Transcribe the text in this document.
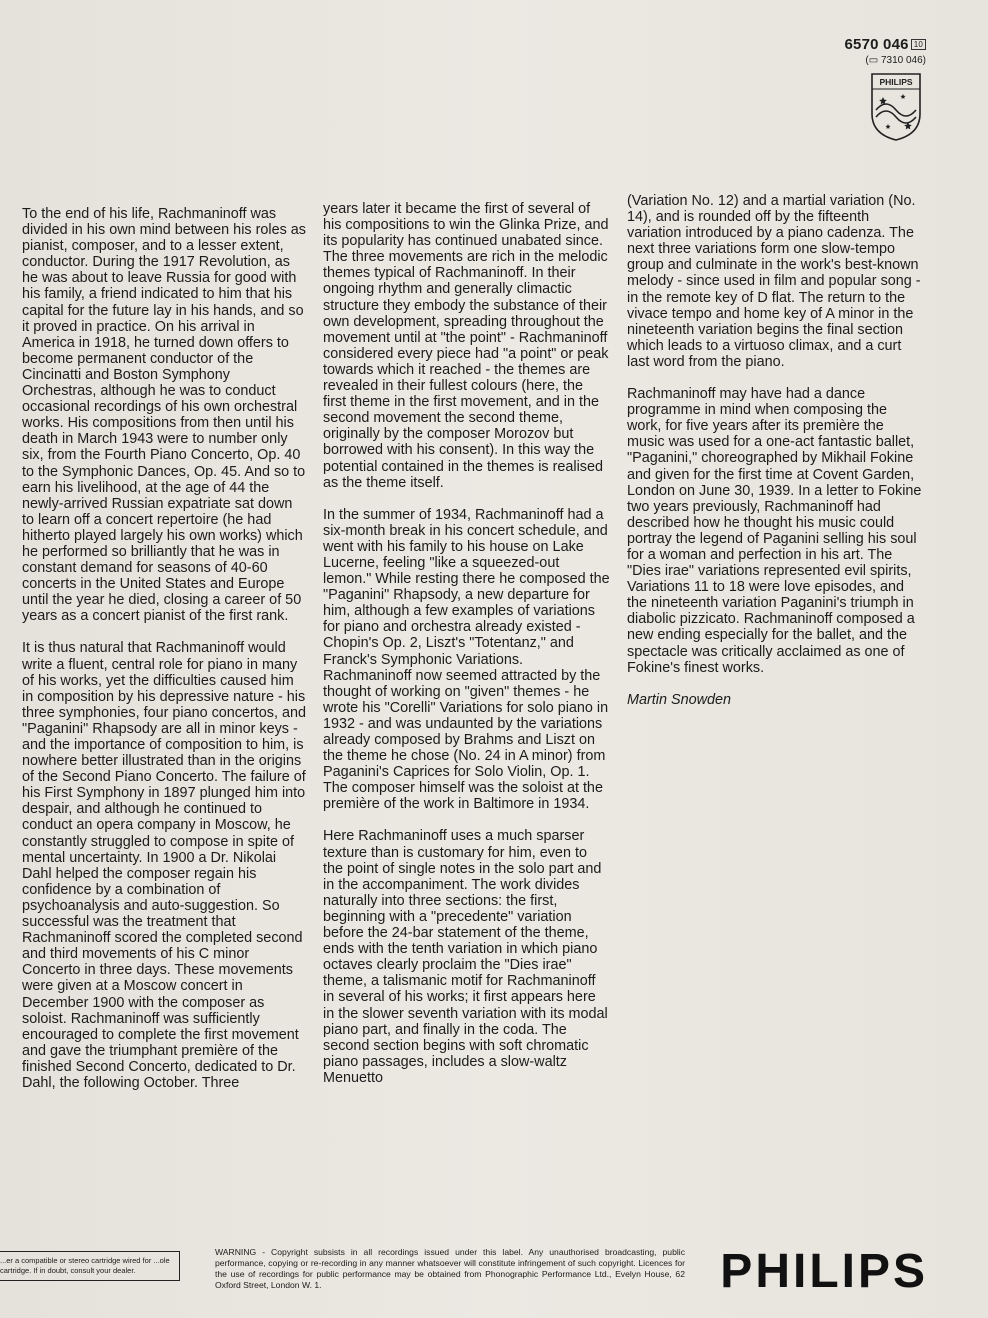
6570 046 10
(▭ 7310 046)
PHILIPS

To the end of his life, Rachmaninoff was divided in his own mind between his roles as pianist, composer, and to a lesser extent, conductor. During the 1917 Revolution, as he was about to leave Russia for good with his family, a friend indicated to him that his capital for the future lay in his hands, and so it proved in practice. On his arrival in America in 1918, he turned down offers to become permanent conductor of the Cincinatti and Boston Symphony Orchestras, although he was to conduct occasional recordings of his own orchestral works. His compositions from then until his death in March 1943 were to number only six, from the Fourth Piano Concerto, Op. 40 to the Symphonic Dances, Op. 45. And so to earn his livelihood, at the age of 44 the newly-arrived Russian expatriate sat down to learn off a concert repertoire (he had hitherto played largely his own works) which he performed so brilliantly that he was in constant demand for seasons of 40-60 concerts in the United States and Europe until the year he died, closing a career of 50 years as a concert pianist of the first rank.

It is thus natural that Rachmaninoff would write a fluent, central role for piano in many of his works, yet the difficulties caused him in composition by his depressive nature - his three symphonies, four piano concertos, and "Paganini" Rhapsody are all in minor keys - and the importance of composition to him, is nowhere better illustrated than in the origins of the Second Piano Concerto. The failure of his First Symphony in 1897 plunged him into despair, and although he continued to conduct an opera company in Moscow, he constantly struggled to compose in spite of mental uncertainty. In 1900 a Dr. Nikolai Dahl helped the composer regain his confidence by a combination of psychoanalysis and auto-suggestion. So successful was the treatment that Rachmaninoff scored the completed second and third movements of his C minor Concerto in three days. These movements were given at a Moscow concert in December 1900 with the composer as soloist. Rachmaninoff was sufficiently encouraged to complete the first movement and gave the triumphant première of the finished Second Concerto, dedicated to Dr. Dahl, the following October. Three

years later it became the first of several of his compositions to win the Glinka Prize, and its popularity has continued unabated since. The three movements are rich in the melodic themes typical of Rachmaninoff. In their ongoing rhythm and generally climactic structure they embody the substance of their own development, spreading throughout the movement until at "the point" - Rachmaninoff considered every piece had "a point" or peak towards which it reached - the themes are revealed in their fullest colours (here, the first theme in the first movement, and in the second movement the second theme, originally by the composer Morozov but borrowed with his consent). In this way the potential contained in the themes is realised as the theme itself.

In the summer of 1934, Rachmaninoff had a six-month break in his concert schedule, and went with his family to his house on Lake Lucerne, feeling "like a squeezed-out lemon." While resting there he composed the "Paganini" Rhapsody, a new departure for him, although a few examples of variations for piano and orchestra already existed - Chopin's Op. 2, Liszt's "Totentanz," and Franck's Symphonic Variations. Rachmaninoff now seemed attracted by the thought of working on "given" themes - he wrote his "Corelli" Variations for solo piano in 1932 - and was undaunted by the variations already composed by Brahms and Liszt on the theme he chose (No. 24 in A minor) from Paganini's Caprices for Solo Violin, Op. 1. The composer himself was the soloist at the première of the work in Baltimore in 1934.

Here Rachmaninoff uses a much sparser texture than is customary for him, even to the point of single notes in the solo part and in the accompaniment. The work divides naturally into three sections: the first, beginning with a "precedente" variation before the 24-bar statement of the theme, ends with the tenth variation in which piano octaves clearly proclaim the "Dies irae" theme, a talismanic motif for Rachmaninoff in several of his works; it first appears here in the slower seventh variation with its modal piano part, and finally in the coda. The second section begins with soft chromatic piano passages, includes a slow-waltz Menuetto

(Variation No. 12) and a martial variation (No. 14), and is rounded off by the fifteenth variation introduced by a piano cadenza. The next three variations form one slow-tempo group and culminate in the work's best-known melody - since used in film and popular song - in the remote key of D flat. The return to the vivace tempo and home key of A minor in the nineteenth variation begins the final section which leads to a virtuoso climax, and a curt last word from the piano.

Rachmaninoff may have had a dance programme in mind when composing the work, for five years after its première the music was used for a one-act fantastic ballet, "Paganini," choreographed by Mikhail Fokine and given for the first time at Covent Garden, London on June 30, 1939. In a letter to Fokine two years previously, Rachmaninoff had described how he thought his music could portray the legend of Paganini selling his soul for a woman and perfection in his art. The "Dies irae" variations represented evil spirits, Variations 11 to 18 were love episodes, and the nineteenth variation Paganini's triumph in diabolic pizzicato. Rachmaninoff composed a new ending especially for the ballet, and the spectacle was critically acclaimed as one of Fokine's finest works.

Martin Snowden

...er a compatible or stereo cartridge wired for ...ole cartridge. If in doubt, consult your dealer.
WARNING - Copyright subsists in all recordings issued under this label. Any unauthorised broadcasting, public performance, copying or re-recording in any manner whatsoever will constitute infringement of such copyright. Licences for the use of recordings for public performance may be obtained from Phonographic Performance Ltd., Evelyn House, 62 Oxford Street, London W. 1.	PHILIPS
